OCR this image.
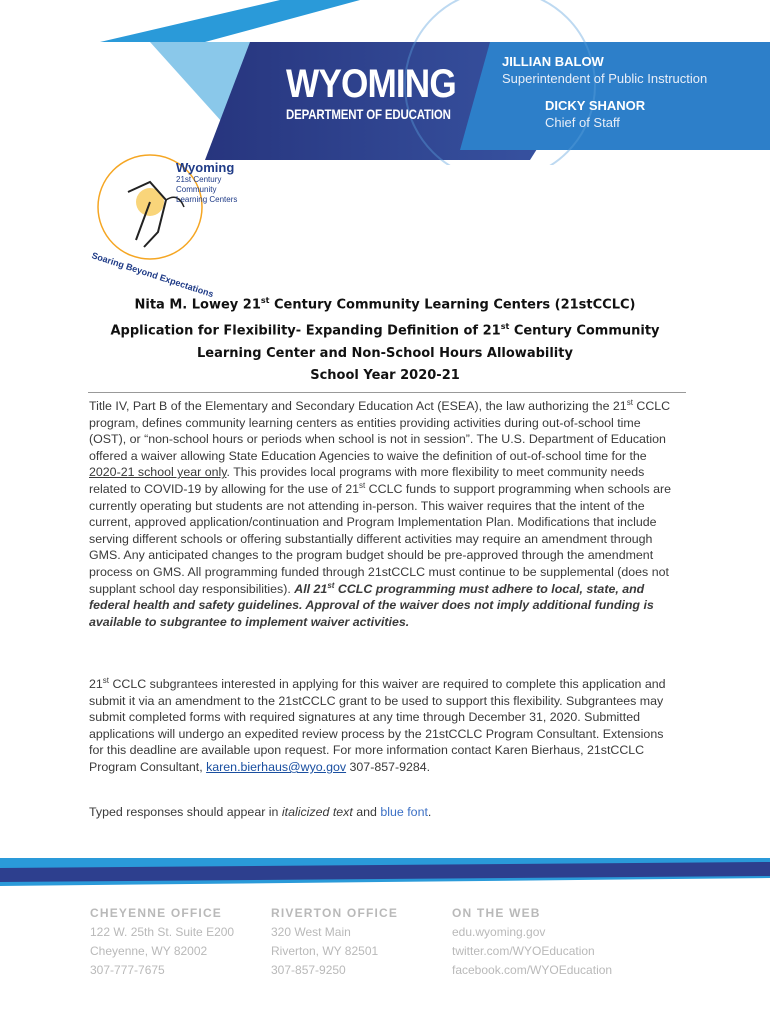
WYOMING
DEPARTMENT OF EDUCATION
JILLIAN BALOW
Superintendent of Public Instruction
DICKY SHANOR
Chief of Staff
Wyoming
21st Century
Community
Learning Centers
Soaring Beyond Expectations
Nita M. Lowey 21st Century Community Learning Centers (21stCCLC)
Application for Flexibility- Expanding Definition of 21st Century Community
Learning Center and Non-School Hours Allowability
School Year 2020-21
Title IV, Part B of the Elementary and Secondary Education Act (ESEA), the law authorizing the 21st CCLC program, defines community learning centers as entities providing activities during out-of-school time (OST), or “non-school hours or periods when school is not in session”. The U.S. Department of Education offered a waiver allowing State Education Agencies to waive the definition of out-of-school time for the 2020-21 school year only. This provides local programs with more flexibility to meet community needs related to COVID-19 by allowing for the use of 21st CCLC funds to support programming when schools are currently operating but students are not attending in-person. This waiver requires that the intent of the current, approved application/continuation and Program Implementation Plan. Modifications that include serving different schools or offering substantially different activities may require an amendment through GMS. Any anticipated changes to the program budget should be pre-approved through the amendment process on GMS. All programming funded through 21stCCLC must continue to be supplemental (does not supplant school day responsibilities). All 21st CCLC programming must adhere to local, state, and federal health and safety guidelines. Approval of the waiver does not imply additional funding is available to subgrantee to implement waiver activities.
21st CCLC subgrantees interested in applying for this waiver are required to complete this application and submit it via an amendment to the 21stCCLC grant to be used to support this flexibility. Subgrantees may submit completed forms with required signatures at any time through December 31, 2020. Submitted applications will undergo an expedited review process by the 21stCCLC Program Consultant. Extensions for this deadline are available upon request. For more information contact Karen Bierhaus, 21stCCLC Program Consultant, karen.bierhaus@wyo.gov 307-857-9284.
Typed responses should appear in italicized text and blue font.
CHEYENNE OFFICE
122 W. 25th St. Suite E200
Cheyenne, WY 82002
307-777-7675
RIVERTON OFFICE
320 West Main
Riverton, WY 82501
307-857-9250
ON THE WEB
edu.wyoming.gov
twitter.com/WYOEducation
facebook.com/WYOEducation
